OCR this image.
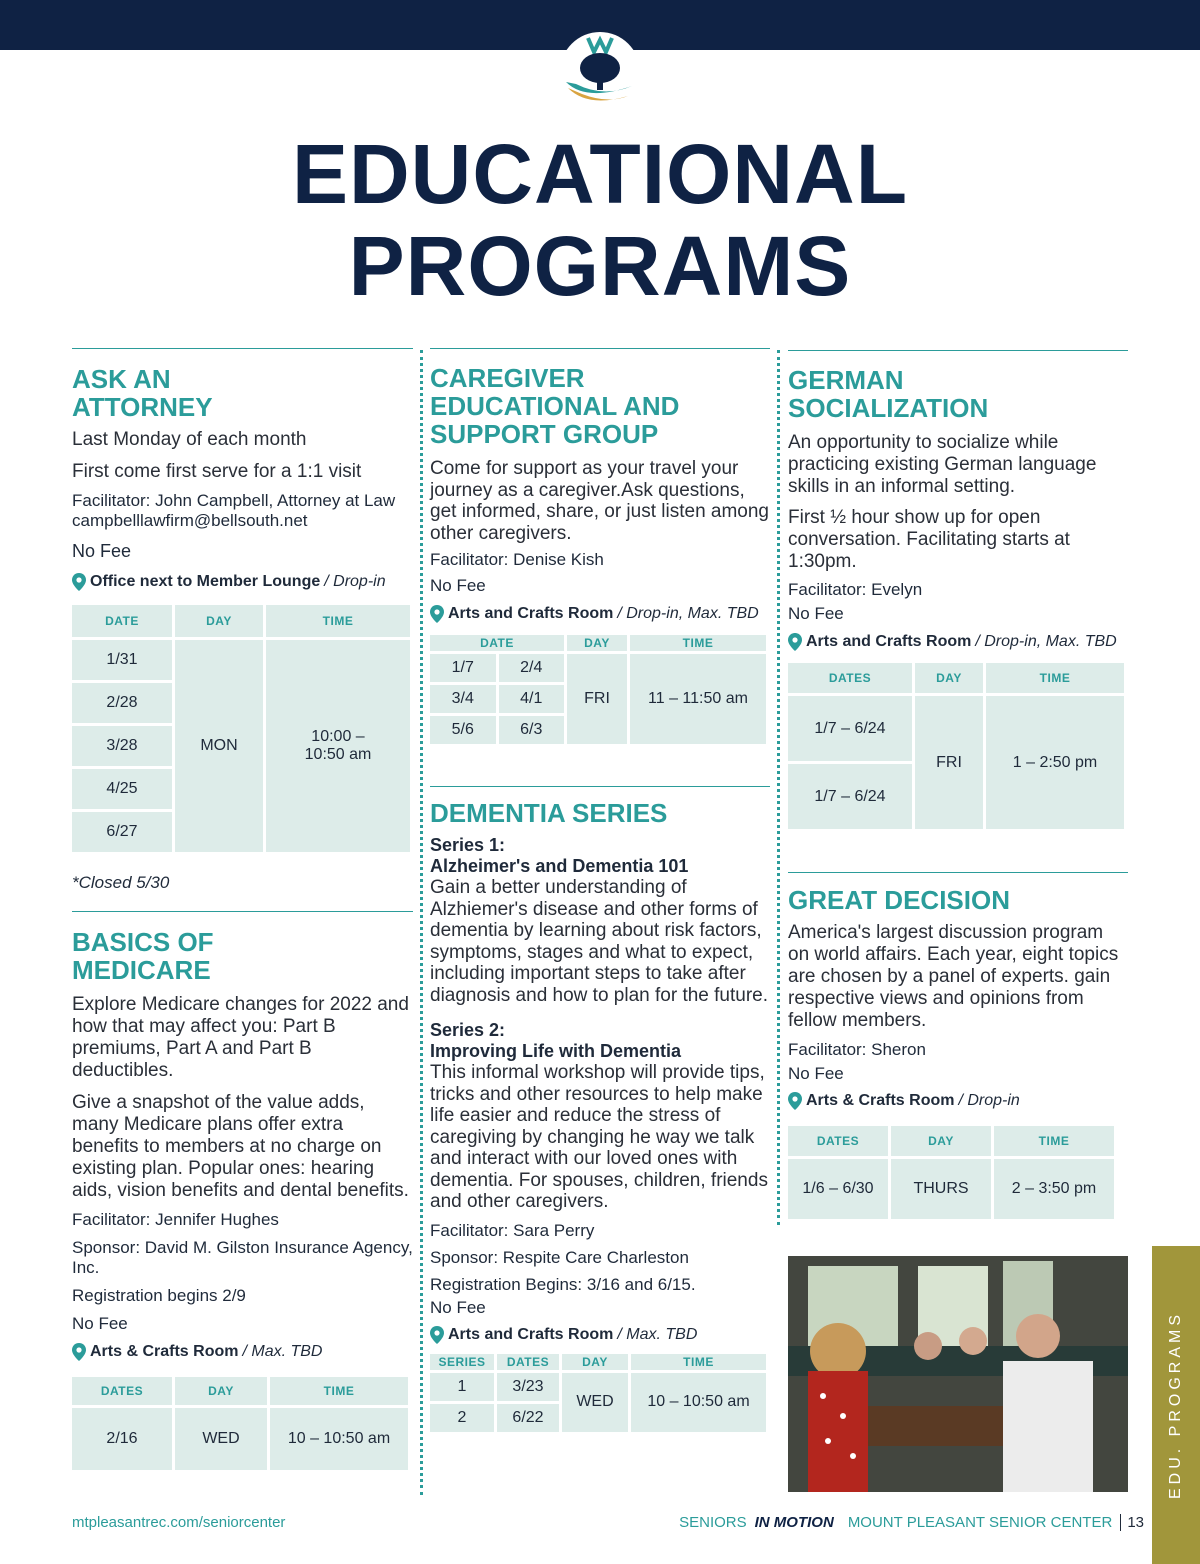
EDUCATIONAL
PROGRAMS
ASK AN
ATTORNEY
Last Monday of each month
First come first serve for a 1:1 visit
Facilitator: John Campbell, Attorney at Law campbelllawfirm@bellsouth.net
No Fee
Office next to Member Lounge / Drop-in
DATE	DAY	TIME
1/31	MON	10:00 – 10:50 am
2/28		
3/28		
4/25		
6/27		
*Closed 5/30
BASICS OF
MEDICARE
Explore Medicare changes for 2022 and how that may affect you: Part B premiums, Part A and Part B deductibles.
Give a snapshot of the value adds, many Medicare plans offer extra benefits to members at no charge on existing plan. Popular ones: hearing aids, vision benefits and dental benefits.
Facilitator: Jennifer Hughes
Sponsor: David M. Gilston Insurance Agency, Inc.
Registration begins 2/9
No Fee
Arts & Crafts Room / Max. TBD
DATES	DAY	TIME
2/16	WED	10 – 10:50 am
CAREGIVER
EDUCATIONAL AND
SUPPORT GROUP
Come for support as your travel your journey as a caregiver.Ask questions, get informed, share, or just listen among other caregivers.
Facilitator: Denise Kish
No Fee
Arts and Crafts Room / Drop-in, Max. TBD
DATE		DAY	TIME
1/7	2/4	FRI	11 – 11:50 am
3/4	4/1		
5/6	6/3		
DEMENTIA SERIES
Series 1:
Alzheimer's and Dementia 101
Gain a better understanding of Alzhiemer's disease and other forms of dementia by learning about risk factors, symptoms, stages and what to expect, including important steps to take after diagnosis and how to plan for the future.
Series 2:
Improving Life with Dementia
This informal workshop will provide tips, tricks and other resources to help make life easier and reduce the stress of caregiving by changing he way we talk and interact with our loved ones with dementia. For spouses, children, friends and other caregivers.
Facilitator: Sara Perry
Sponsor: Respite Care Charleston
Registration Begins: 3/16 and 6/15.
No Fee
Arts and Crafts Room / Max. TBD
SERIES	DATES	DAY	TIME
1	3/23	WED	10 – 10:50 am
2	6/22		
GERMAN
SOCIALIZATION
An opportunity to socialize while practicing existing German language skills in an informal setting.
First ½ hour show up for open conversation. Facilitating starts at 1:30pm.
Facilitator: Evelyn
No Fee
Arts and Crafts Room / Drop-in, Max. TBD
DATES	DAY	TIME
1/7 – 6/24	FRI	1 – 2:50 pm
1/7 – 6/24		
GREAT DECISION
America's largest discussion program on world affairs. Each year, eight topics are chosen by a panel of experts. gain respective views and opinions from fellow members.
Facilitator: Sheron
No Fee
Arts & Crafts Room / Drop-in
DATES	DAY	TIME
1/6 – 6/30	THURS	2 – 3:50 pm
EDU. PROGRAMS
mtpleasantrec.com/seniorcenter	SENIORS IN MOTION MOUNT PLEASANT SENIOR CENTER	13
